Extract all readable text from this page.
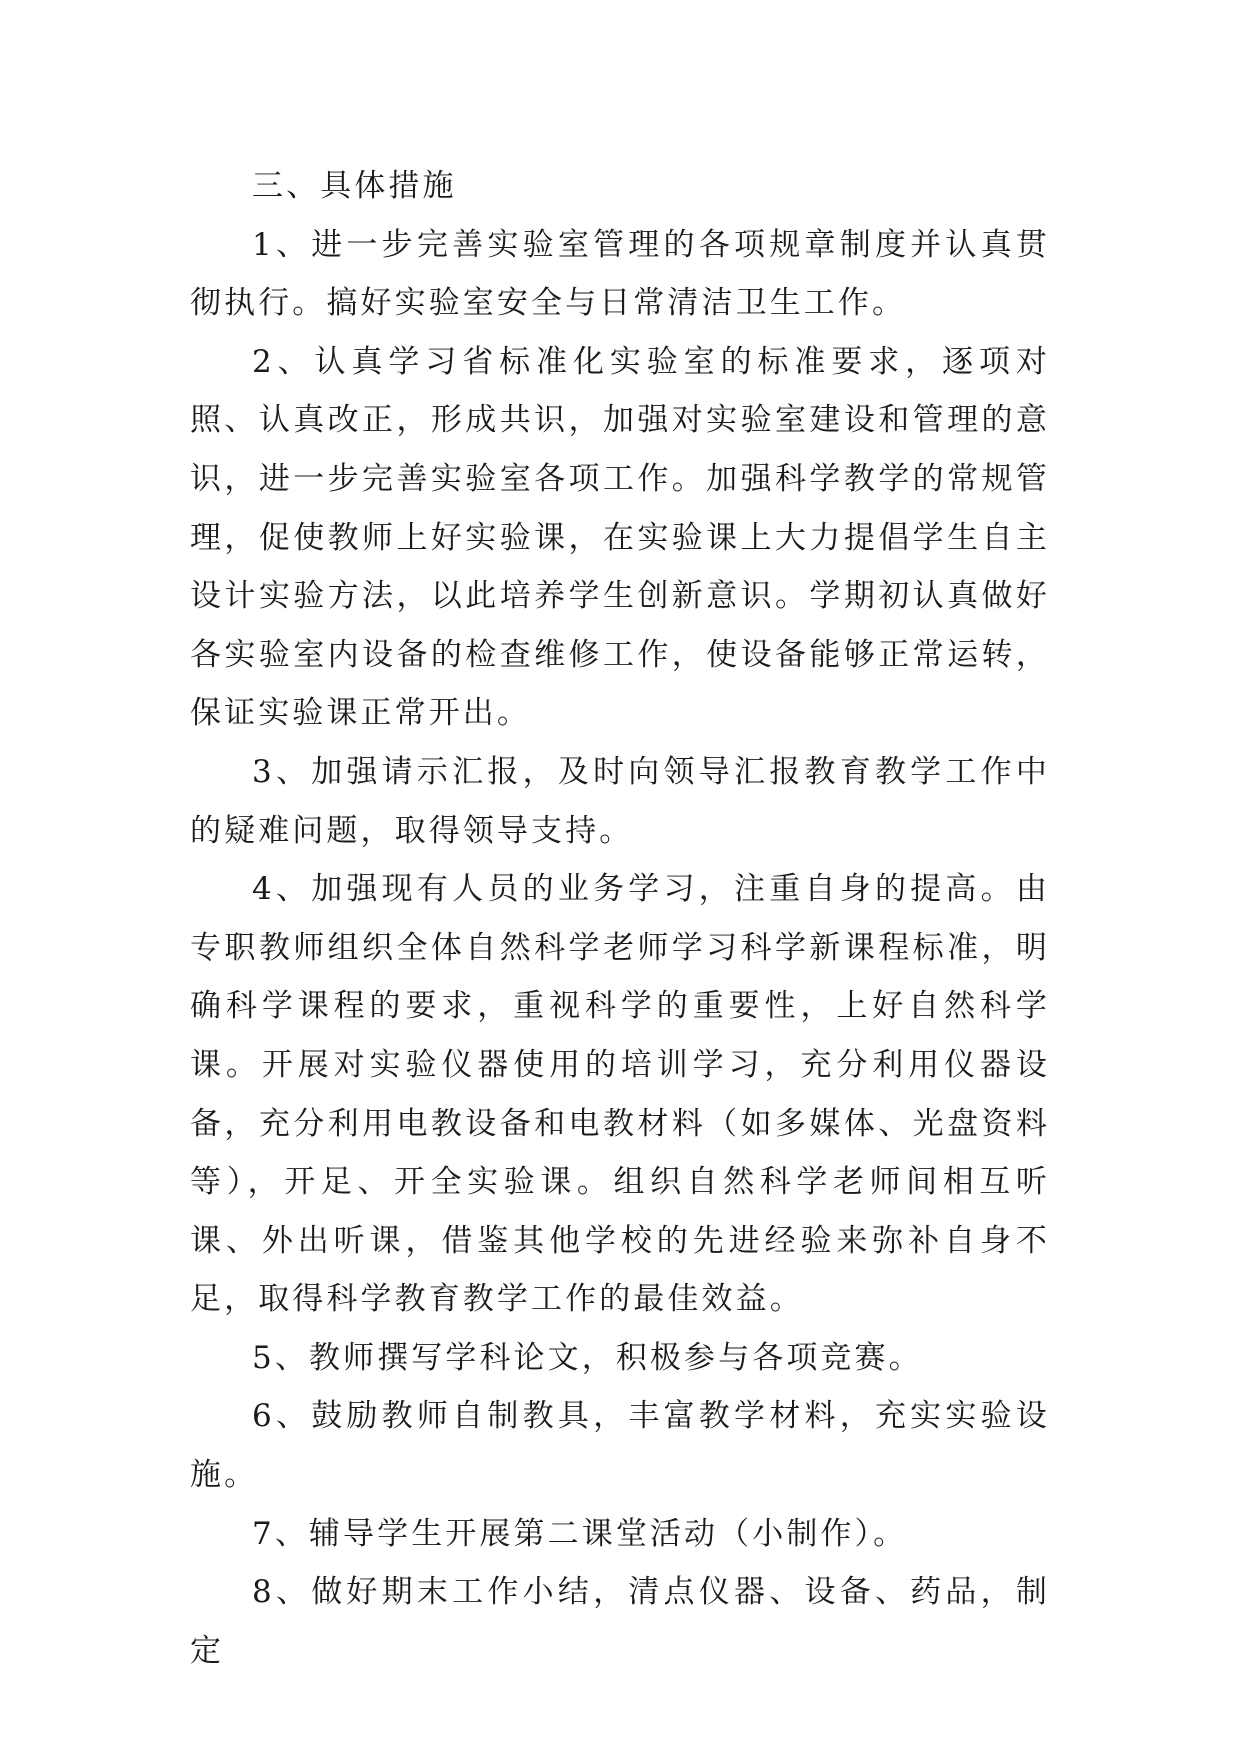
三、具体措施

1、进一步完善实验室管理的各项规章制度并认真贯彻执行。搞好实验室安全与日常清洁卫生工作。

2、认真学习省标准化实验室的标准要求，逐项对照、认真改正，形成共识，加强对实验室建设和管理的意识，进一步完善实验室各项工作。加强科学教学的常规管理，促使教师上好实验课，在实验课上大力提倡学生自主设计实验方法，以此培养学生创新意识。学期初认真做好各实验室内设备的检查维修工作，使设备能够正常运转，保证实验课正常开出。

3、加强请示汇报，及时向领导汇报教育教学工作中的疑难问题，取得领导支持。

4、加强现有人员的业务学习，注重自身的提高。由专职教师组织全体自然科学老师学习科学新课程标准，明确科学课程的要求，重视科学的重要性，上好自然科学课。开展对实验仪器使用的培训学习，充分利用仪器设备，充分利用电教设备和电教材料（如多媒体、光盘资料等），开足、开全实验课。组织自然科学老师间相互听课、外出听课，借鉴其他学校的先进经验来弥补自身不足，取得科学教育教学工作的最佳效益。

5、教师撰写学科论文，积极参与各项竞赛。

6、鼓励教师自制教具，丰富教学材料，充实实验设施。

7、辅导学生开展第二课堂活动（小制作）。

8、做好期末工作小结，清点仪器、设备、药品，制定
